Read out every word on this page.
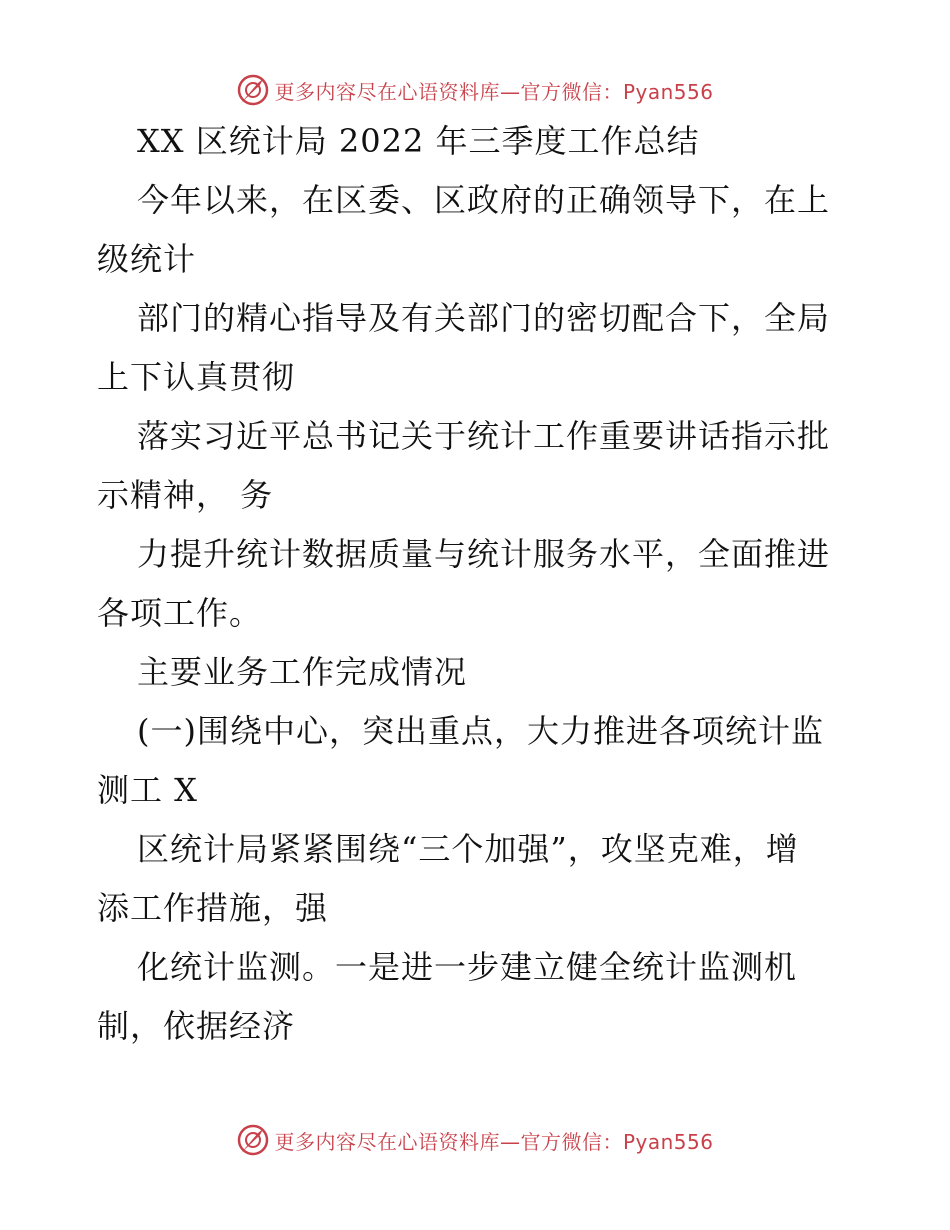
更多内容尽在心语资料库—官方微信：Pyan556
XX 区统计局 2022 年三季度工作总结
今年以来，在区委、区政府的正确领导下，在上
级统计
部门的精心指导及有关部门的密切配合下，全局
上下认真贯彻
落实习近平总书记关于统计工作重要讲话指示批
示精神， 务
力提升统计数据质量与统计服务水平，全面推进
各项工作。
主要业务工作完成情况
(一)围绕中心，突出重点，大力推进各项统计监
测工 X
区统计局紧紧围绕“三个加强”，攻坚克难，增
添工作措施，强
化统计监测。一是进一步建立健全统计监测机
制，依据经济
更多内容尽在心语资料库—官方微信：Pyan556
